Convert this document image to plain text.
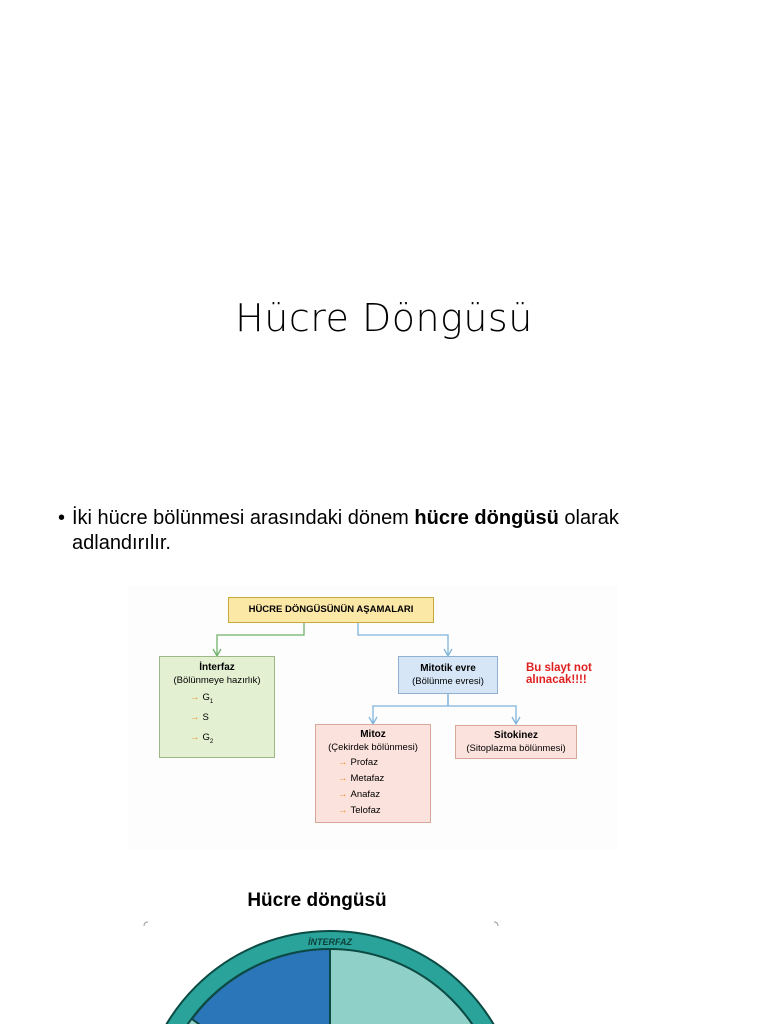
Hücre Döngüsü
• İki hücre bölünmesi arasındaki dönem hücre döngüsü olarak adlandırılır.
HÜCRE DÖNGÜSÜNÜN AŞAMALARI
İnterfaz
(Bölünmeye hazırlık)
→ $G_1$
→ S
→ $G_2$
Mitotik evre
(Bölünme evresi)
Mitoz
(Çekirdek bölünmesi)
→ Profaz
→ Metafaz
→ Anafaz
→ Telofaz
Sitokinez
(Sitoplazma bölünmesi)
Bu slayt not alınacak!!!!
Hücre döngüsü
İNTERFAZ
